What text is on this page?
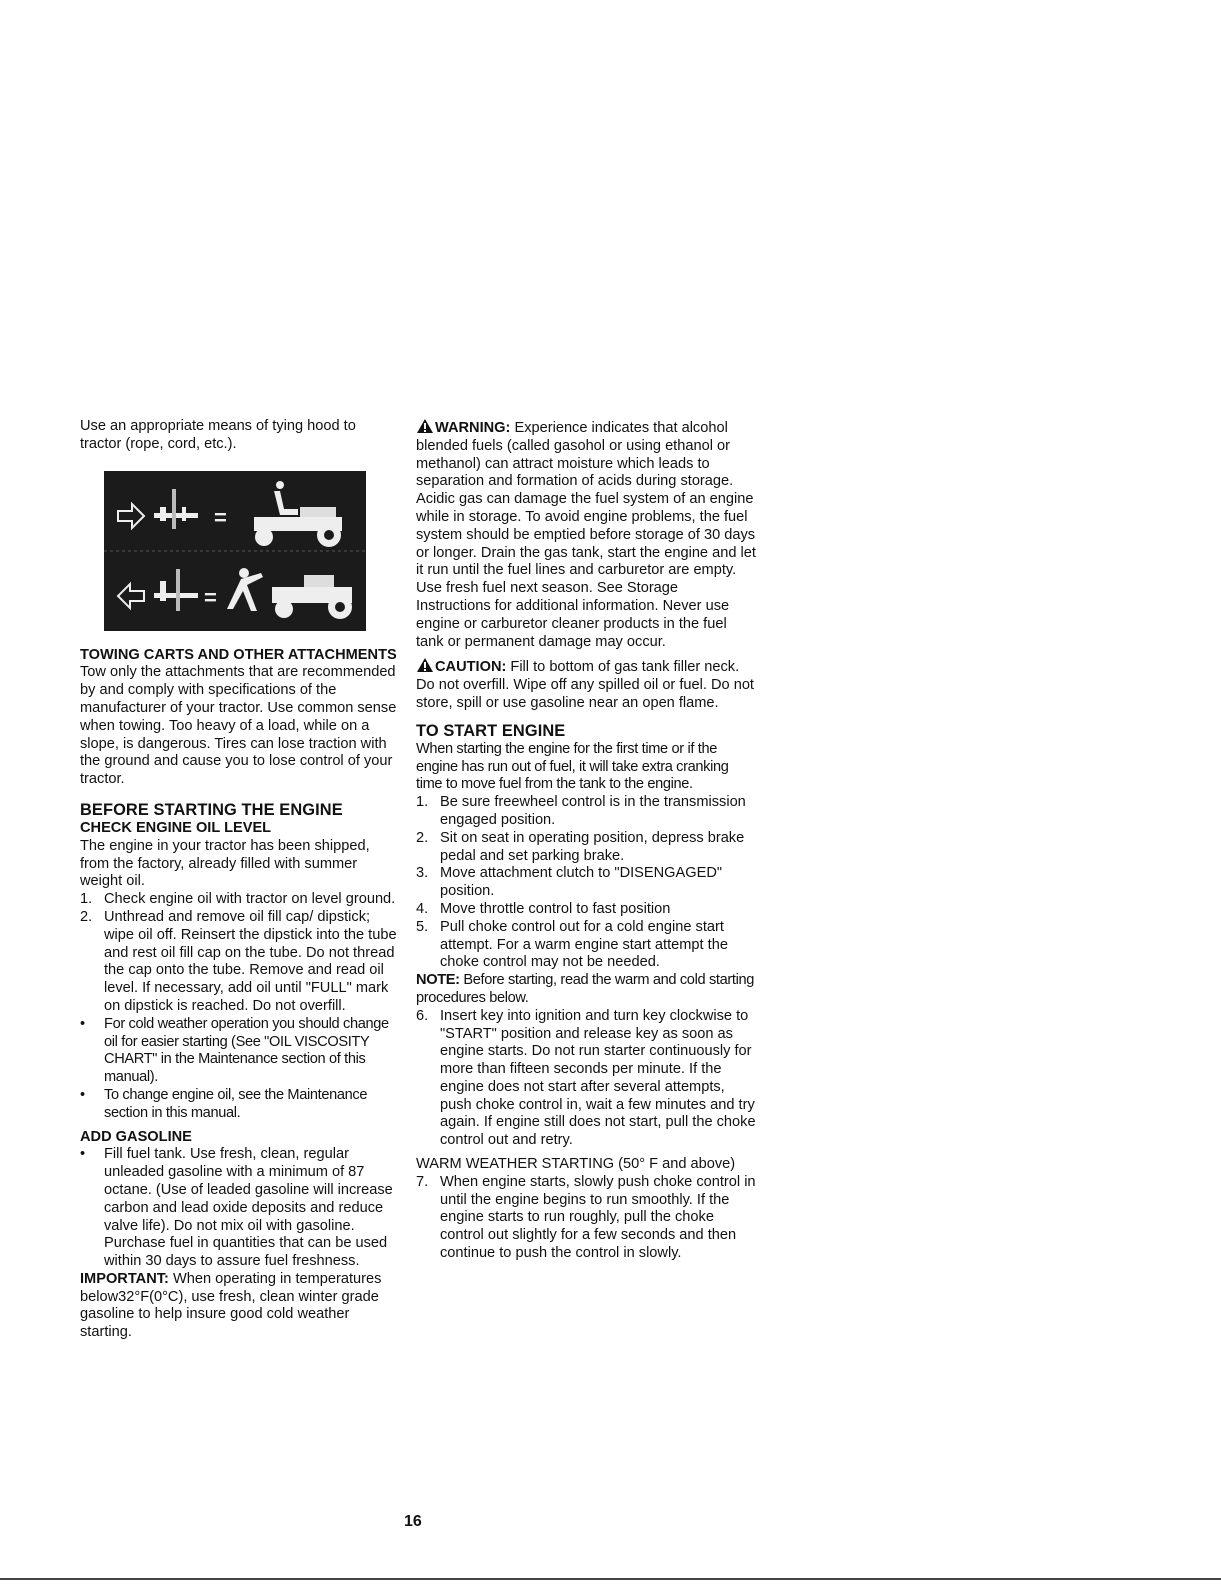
Use an appropriate means of tying hood to tractor (rope, cord, etc.).

=
=
TOWING CARTS AND OTHER ATTACHMENTS

Tow only the attachments that are recommended by and comply with specifications of the manufacturer of your tractor. Use common sense when towing. Too heavy of a load, while on a slope, is dangerous. Tires can lose traction with the ground and cause you to lose control of your tractor.

BEFORE STARTING THE ENGINE
CHECK ENGINE OIL LEVEL

The engine in your tractor has been shipped, from the factory, already filled with summer weight oil.

1. Check engine oil with tractor on level ground.
2. Unthread and remove oil fill cap/ dipstick; wipe oil off. Reinsert the dipstick into the tube and rest oil fill cap on the tube. Do not thread the cap onto the tube. Remove and read oil level. If necessary, add oil until "FULL" mark on dipstick is reached. Do not overfill.
• For cold weather operation you should change oil for easier starting (See "OIL VISCOSITY CHART" in the Maintenance section of this manual).
• To change engine oil, see the Maintenance section in this manual.
ADD GASOLINE
• Fill fuel tank. Use fresh, clean, regular unleaded gasoline with a minimum of 87 octane. (Use of leaded gasoline will increase carbon and lead oxide deposits and reduce valve life). Do not mix oil with gasoline. Purchase fuel in quantities that can be used within 30 days to assure fuel freshness.

IMPORTANT: When operating in temperatures below32°F(0°C), use fresh, clean winter grade gasoline to help insure good cold weather starting.

WARNING: Experience indicates that alcohol blended fuels (called gasohol or using ethanol or methanol) can attract moisture which leads to separation and formation of acids during storage. Acidic gas can damage the fuel system of an engine while in storage. To avoid engine problems, the fuel system should be emptied before storage of 30 days or longer. Drain the gas tank, start the engine and let it run until the fuel lines and carburetor are empty. Use fresh fuel next season. See Storage Instructions for additional information. Never use engine or carburetor cleaner products in the fuel tank or permanent damage may occur.

CAUTION: Fill to bottom of gas tank filler neck. Do not overfill. Wipe off any spilled oil or fuel. Do not store, spill or use gasoline near an open flame.

TO START ENGINE

When starting the engine for the first time or if the engine has run out of fuel, it will take extra cranking time to move fuel from the tank to the engine.

1. Be sure freewheel control is in the transmission engaged position.
2. Sit on seat in operating position, depress brake pedal and set parking brake.
3. Move attachment clutch to "DISENGAGED" position.
4. Move throttle control to fast position
5. Pull choke control out for a cold engine start attempt. For a warm engine start attempt the choke control may not be needed.

NOTE: Before starting, read the warm and cold starting procedures below.

6. Insert key into ignition and turn key clockwise to "START" position and release key as soon as engine starts. Do not run starter continuously for more than fifteen seconds per minute. If the engine does not start after several attempts, push choke control in, wait a few minutes and try again. If engine still does not start, pull the choke control out and retry.

WARM WEATHER STARTING (50° F and above)

7. When engine starts, slowly push choke control in until the engine begins to run smoothly. If the engine starts to run roughly, pull the choke control out slightly for a few seconds and then continue to push the control in slowly.
16
